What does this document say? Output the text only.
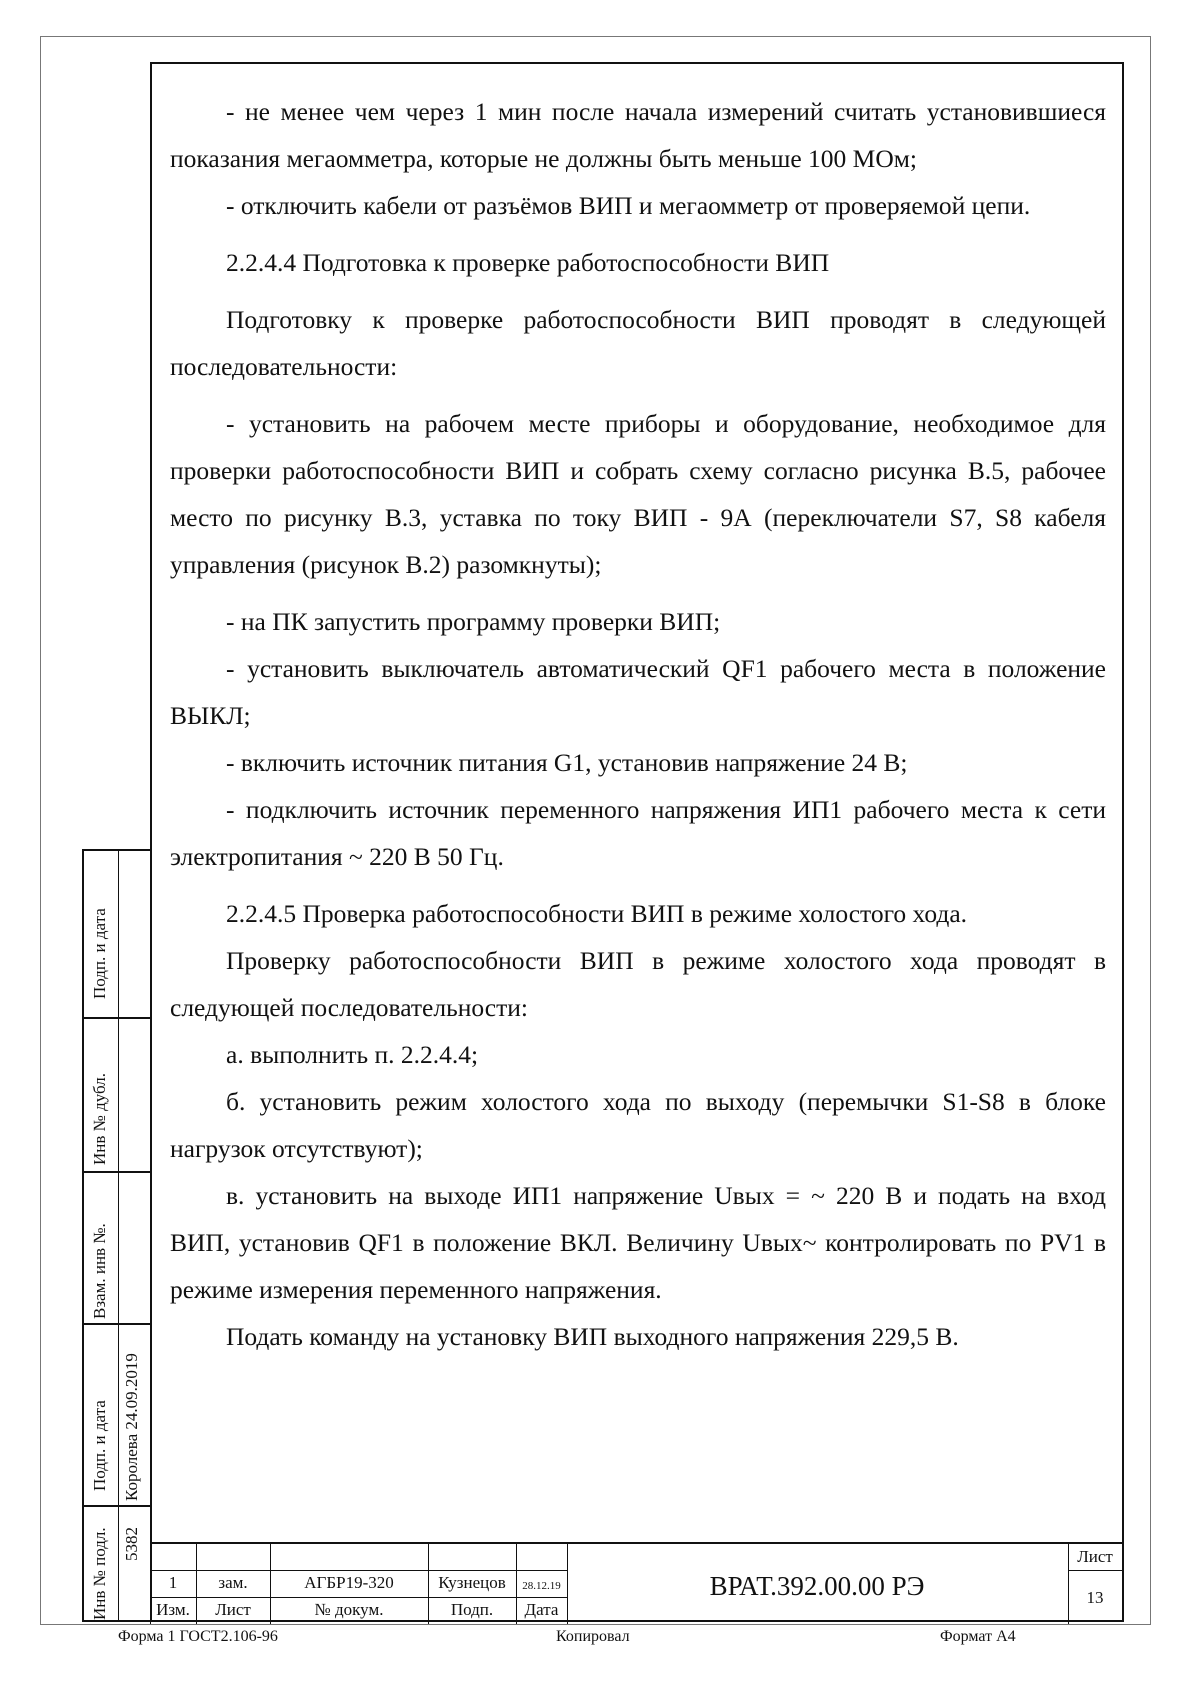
- не менее чем через 1 мин после начала измерений считать установившиеся показания мегаомметра, которые не должны быть меньше 100 МОм;

- отключить кабели от разъёмов ВИП и мегаомметр от проверяемой цепи.

2.2.4.4 Подготовка к проверке работоспособности ВИП

Подготовку к проверке работоспособности ВИП проводят в следующей последовательности:

- установить на рабочем месте приборы и оборудование, необходимое для проверки работоспособности ВИП и собрать схему согласно рисунка В.5, рабочее место по рисунку В.3, уставка по току ВИП - 9А (переключатели S7, S8 кабеля управления (рисунок В.2) разомкнуты);

- на ПК запустить программу проверки ВИП;

- установить выключатель автоматический QF1 рабочего места в положение ВЫКЛ;

- включить источник питания G1, установив напряжение 24 В;

- подключить источник переменного напряжения ИП1 рабочего места к сети электропитания ~ 220 В 50 Гц.

2.2.4.5 Проверка работоспособности ВИП в режиме холостого хода.

Проверку работоспособности ВИП в режиме холостого хода проводят в следующей последовательности:

а. выполнить п. 2.2.4.4;

б. установить режим холостого хода по выходу (перемычки S1-S8 в блоке нагрузок отсутствуют);

в. установить на выходе ИП1 напряжение Uвых = ~ 220 В и подать на вход ВИП, установив QF1 в положение ВКЛ. Величину Uвых~ контролировать по PV1 в режиме измерения переменного напряжения.

Подать команду на установку ВИП выходного напряжения 229,5 В.

Подп. и дата
Инв № дубл.
Взам. инв №.
Подп. и дата Королева 24.09.2019
Инв № подл. 5382
1	зам.	АГБР19-320	Кузнецов	28.12.19
Изм.	Лист	№ докум.	Подп.	Дата
ВРАТ.392.00.00 РЭ
Лист
13
Форма 1 ГОСТ2.106-96	Копировал	Формат А4
